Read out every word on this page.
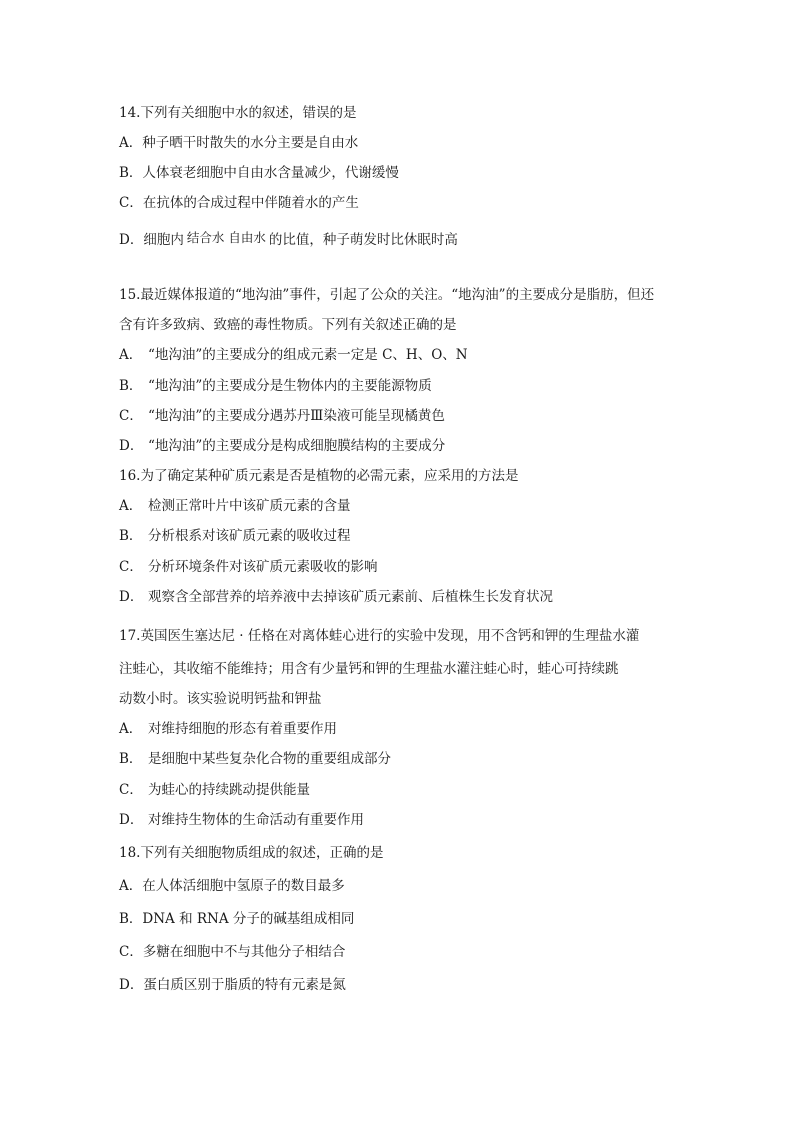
14.下列有关细胞中水的叙述，错误的是
A．种子晒干时散失的水分主要是自由水
B．人体衰老细胞中自由水含量减少，代谢缓慢
C．在抗体的合成过程中伴随着水的产生
D．细胞内 结合水 自由水 的比值，种子萌发时比休眠时高
15.最近媒体报道的“地沟油”事件，引起了公众的关注。“地沟油”的主要成分是脂肪，但还
含有许多致病、致癌的毒性物质。下列有关叙述正确的是
A． “地沟油”的主要成分的组成元素一定是 C、H、O、N
B． “地沟油”的主要成分是生物体内的主要能源物质
C． “地沟油”的主要成分遇苏丹Ⅲ染液可能呈现橘黄色
D． “地沟油”的主要成分是构成细胞膜结构的主要成分
16.为了确定某种矿质元素是否是植物的必需元素，应采用的方法是
A． 检测正常叶片中该矿质元素的含量
B． 分析根系对该矿质元素的吸收过程
C． 分析环境条件对该矿质元素吸收的影响
D． 观察含全部营养的培养液中去掉该矿质元素前、后植株生长发育状况
17.英国医生塞达尼 · 任格在对离体蛙心进行的实验中发现，用不含钙和钾的生理盐水灌
注蛙心，其收缩不能维持；用含有少量钙和钾的生理盐水灌注蛙心时，蛙心可持续跳
动数小时。该实验说明钙盐和钾盐
A． 对维持细胞的形态有着重要作用
B． 是细胞中某些复杂化合物的重要组成部分
C． 为蛙心的持续跳动提供能量
D． 对维持生物体的生命活动有重要作用
18.下列有关细胞物质组成的叙述，正确的是
A．在人体活细胞中氢原子的数目最多
B．DNA 和 RNA 分子的碱基组成相同
C．多糖在细胞中不与其他分子相结合
D．蛋白质区别于脂质的特有元素是氮
